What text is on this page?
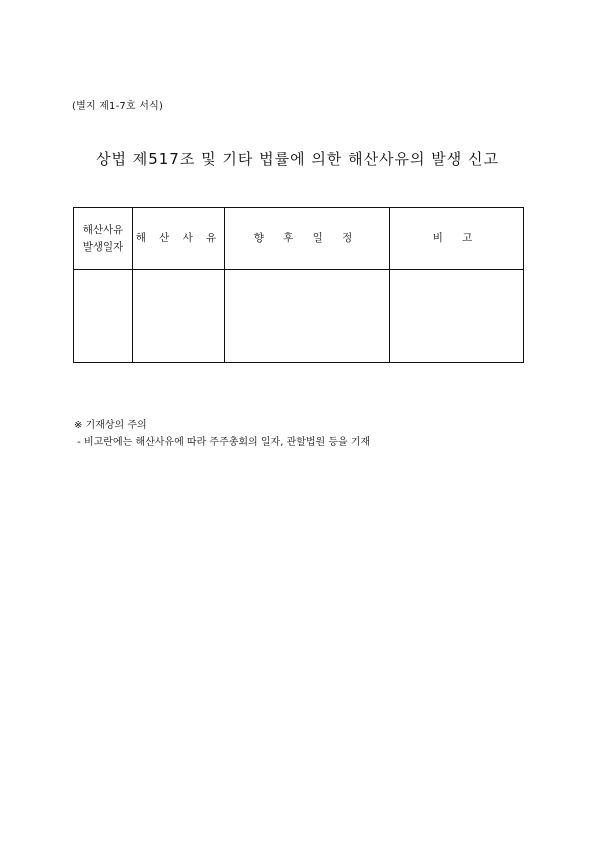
(별지 제1-7호 서식)
상법 제517조 및 기타 법률에 의한 해산사유의 발생 신고
해산사유
발생일자	해 산 사 유	향 후 일 정	비 고

※ 기재상의 주의
- 비고란에는 해산사유에 따라 주주총회의 일자, 관할법원 등을 기재
